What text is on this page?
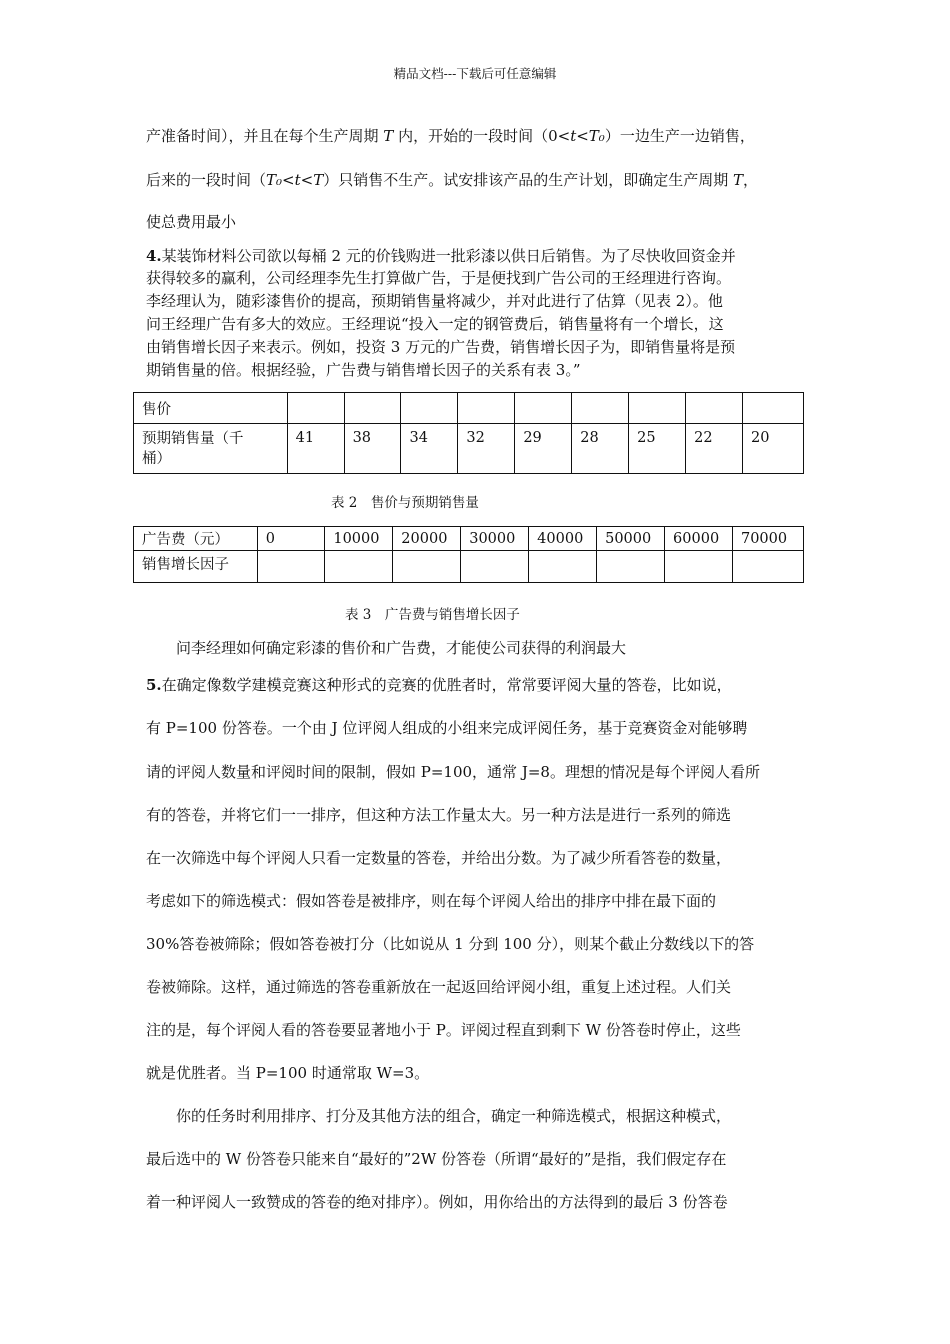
精品文档---下载后可任意编辑
产准备时间），并且在每个生产周期 T 内，开始的一段时间（0<t<T₀）一边生产一边销售，
后来的一段时间（T₀<t<T）只销售不生产。试安排该产品的生产计划，即确定生产周期 T，
使总费用最小
4.某装饰材料公司欲以每桶 2 元的价钱购进一批彩漆以供日后销售。为了尽快收回资金并
获得较多的赢利，公司经理李先生打算做广告，于是便找到广告公司的王经理进行咨询。
李经理认为，随彩漆售价的提高，预期销售量将减少，并对此进行了估算（见表 2）。他
问王经理广告有多大的效应。王经理说“投入一定的钢管费后，销售量将有一个增长，这
由销售增长因子来表示。例如，投资 3 万元的广告费，销售增长因子为，即销售量将是预
期销售量的倍。根据经验，广告费与销售增长因子的关系有表 3。”
售价									
预期销售量（千
桶）	41	38	34	32	29	28	25	22	20
表 2　售价与预期销售量
广告费（元）	0	10000	20000	30000	40000	50000	60000	70000
销售增长因子								
表 3　广告费与销售增长因子
问李经理如何确定彩漆的售价和广告费，才能使公司获得的利润最大
5.在确定像数学建模竞赛这种形式的竞赛的优胜者时，常常要评阅大量的答卷，比如说，
有 P=100 份答卷。一个由 J 位评阅人组成的小组来完成评阅任务，基于竞赛资金对能够聘
请的评阅人数量和评阅时间的限制，假如 P=100，通常 J=8。理想的情况是每个评阅人看所
有的答卷，并将它们一一排序，但这种方法工作量太大。另一种方法是进行一系列的筛选
在一次筛选中每个评阅人只看一定数量的答卷，并给出分数。为了减少所看答卷的数量，
考虑如下的筛选模式：假如答卷是被排序，则在每个评阅人给出的排序中排在最下面的
30%答卷被筛除；假如答卷被打分（比如说从 1 分到 100 分），则某个截止分数线以下的答
卷被筛除。这样，通过筛选的答卷重新放在一起返回给评阅小组，重复上述过程。人们关
注的是，每个评阅人看的答卷要显著地小于 P。评阅过程直到剩下 W 份答卷时停止，这些
就是优胜者。当 P=100 时通常取 W=3。
你的任务时利用排序、打分及其他方法的组合，确定一种筛选模式，根据这种模式，
最后选中的 W 份答卷只能来自“最好的”2W 份答卷（所谓“最好的”是指，我们假定存在
着一种评阅人一致赞成的答卷的绝对排序）。例如，用你给出的方法得到的最后 3 份答卷
